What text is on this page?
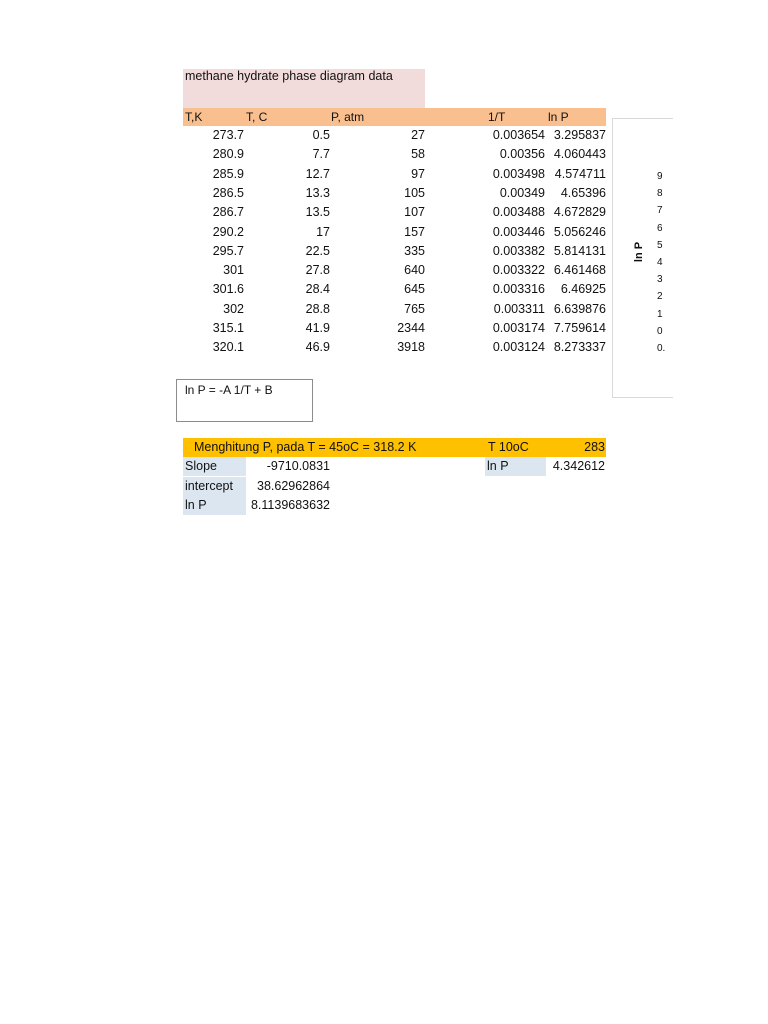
methane hydrate phase diagram data
T,K	T, C	P, atm	1/T	ln P
273.7	0.5	27	0.003654 3.295837
280.9	7.7	58	0.00356 4.060443
285.9	12.7	97	0.003498 4.574711
286.5	13.3	105	0.00349	4.65396
286.7	13.5	107	0.003488 4.672829
290.2	17	157	0.003446 5.056246
295.7	22.5	335	0.003382 5.814131
301	27.8	640	0.003322 6.461468
301.6	28.4	645	0.003316	6.46925
302	28.8	765	0.003311 6.639876
315.1	41.9	2344	0.003174 7.759614
320.1	46.9	3918	0.003124 8.273337
ln P
9
8
7
6
5
4
3
2
1
0
0.
ln P = -A 1/T + B
Menghitung P, pada T = 45oC = 318.2 K	T 10oC	283
Slope	-9710.0831	ln P	4.342612
intercept	38.62962864
ln P	8.1139683632
